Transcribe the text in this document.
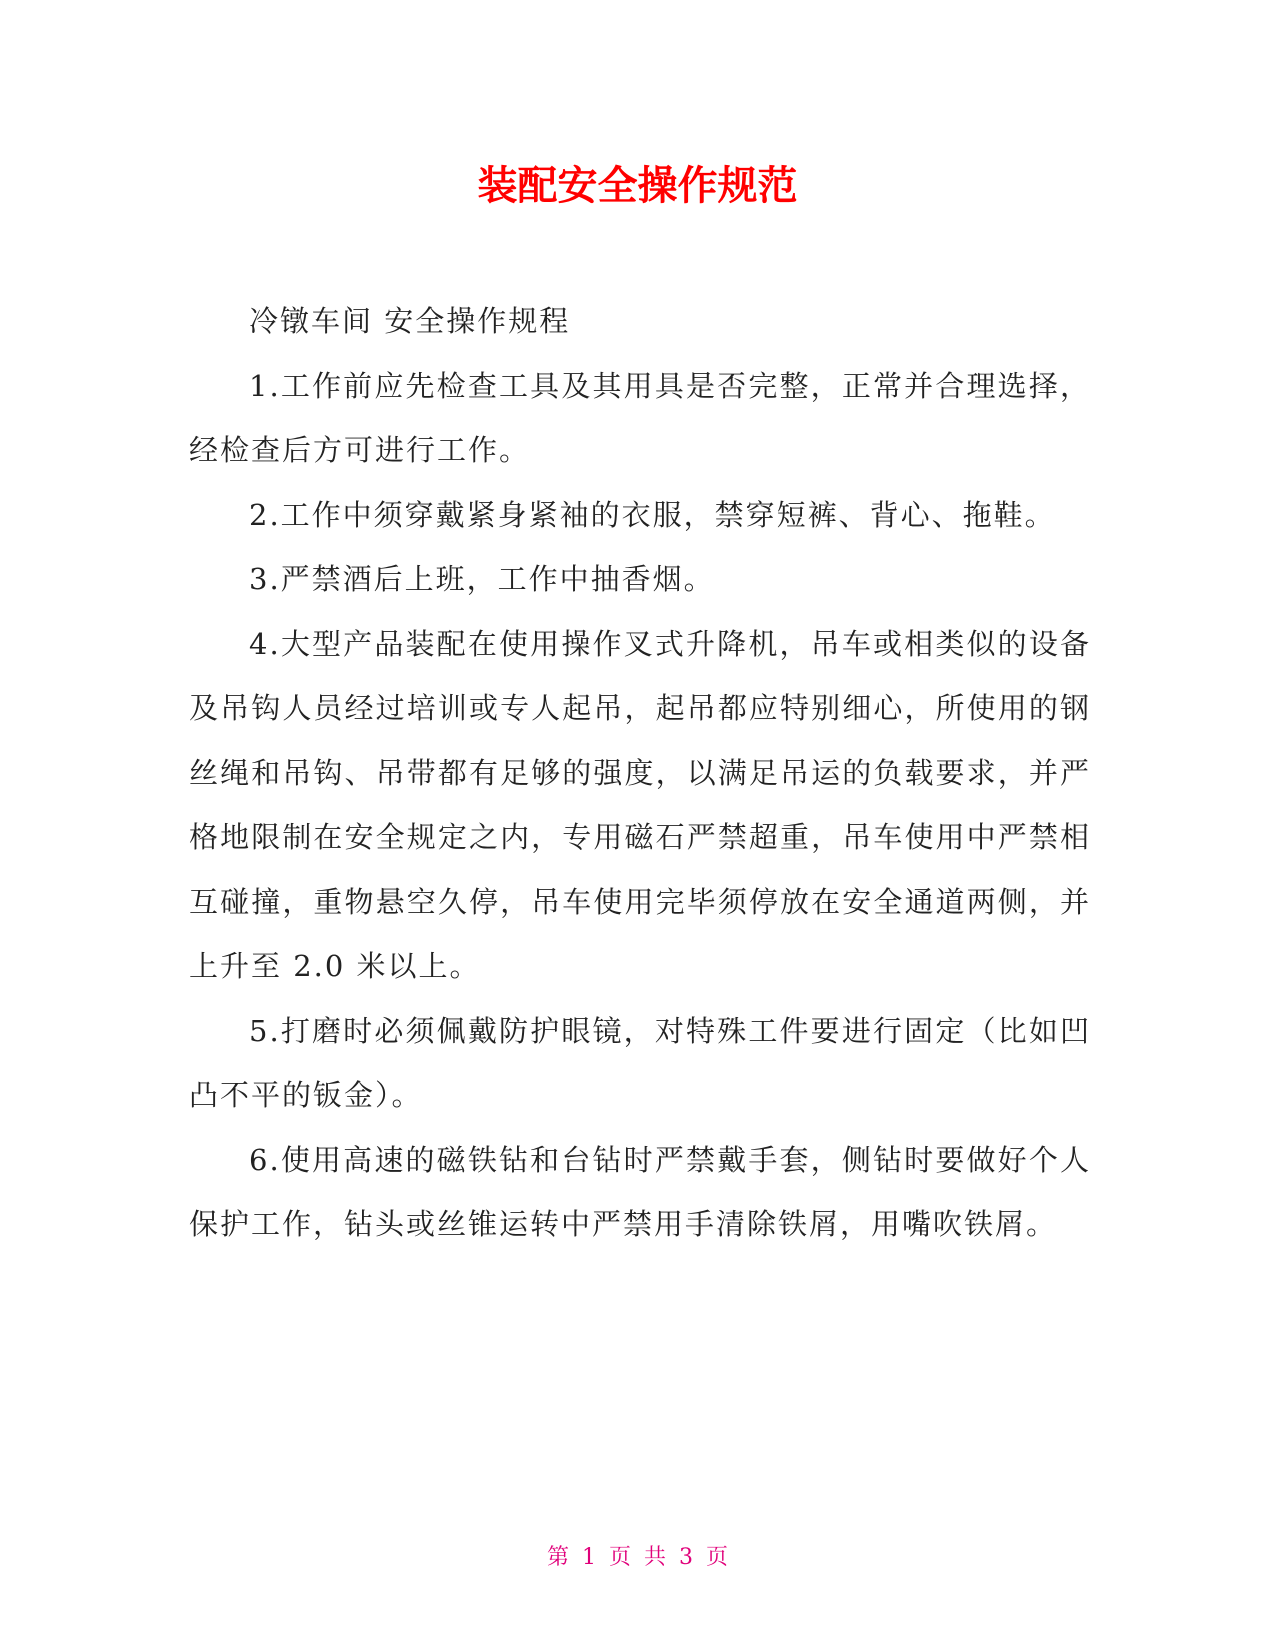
装配安全操作规范

冷镦车间 安全操作规程

1.工作前应先检查工具及其用具是否完整，正常并合理选择，经检查后方可进行工作。

2.工作中须穿戴紧身紧袖的衣服，禁穿短裤、背心、拖鞋。

3.严禁酒后上班，工作中抽香烟。

4.大型产品装配在使用操作叉式升降机，吊车或相类似的设备及吊钩人员经过培训或专人起吊，起吊都应特别细心，所使用的钢丝绳和吊钩、吊带都有足够的强度，以满足吊运的负载要求，并严格地限制在安全规定之内，专用磁石严禁超重，吊车使用中严禁相互碰撞，重物悬空久停，吊车使用完毕须停放在安全通道两侧，并上升至 2.0 米以上。

5.打磨时必须佩戴防护眼镜，对特殊工件要进行固定（比如凹凸不平的钣金）。

6.使用高速的磁铁钻和台钻时严禁戴手套，侧钻时要做好个人保护工作，钻头或丝锥运转中严禁用手清除铁屑，用嘴吹铁屑。

第 1 页 共 3 页
